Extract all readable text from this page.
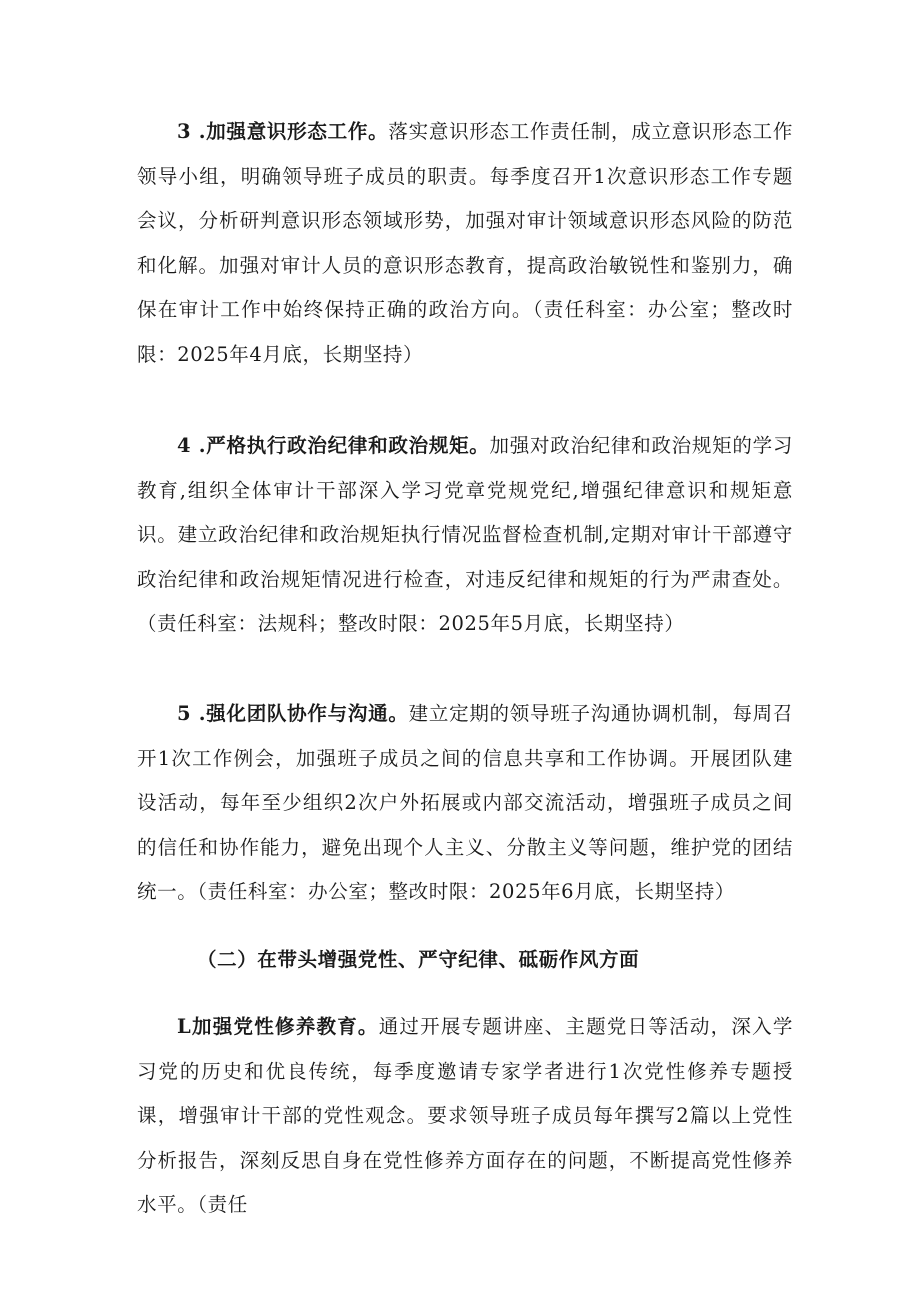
3 .加强意识形态工作。落实意识形态工作责任制，成立意识形态工作领导小组，明确领导班子成员的职责。每季度召开1次意识形态工作专题会议，分析研判意识形态领域形势，加强对审计领域意识形态风险的防范和化解。加强对审计人员的意识形态教育，提高政治敏锐性和鉴别力，确保在审计工作中始终保持正确的政治方向。（责任科室：办公室；整改时限：2025年4月底，长期坚持）

4 .严格执行政治纪律和政治规矩。加强对政治纪律和政治规矩的学习教育,组织全体审计干部深入学习党章党规党纪,增强纪律意识和规矩意识。建立政治纪律和政治规矩执行情况监督检查机制,定期对审计干部遵守政治纪律和政治规矩情况进行检查，对违反纪律和规矩的行为严肃查处。（责任科室：法规科；整改时限：2025年5月底，长期坚持）

5 .强化团队协作与沟通。建立定期的领导班子沟通协调机制，每周召开1次工作例会，加强班子成员之间的信息共享和工作协调。开展团队建设活动，每年至少组织2次户外拓展或内部交流活动，增强班子成员之间的信任和协作能力，避免出现个人主义、分散主义等问题，维护党的团结统一。（责任科室：办公室；整改时限：2025年6月底，长期坚持）

（二）在带头增强党性、严守纪律、砥砺作风方面

L加强党性修养教育。通过开展专题讲座、主题党日等活动，深入学习党的历史和优良传统，每季度邀请专家学者进行1次党性修养专题授课，增强审计干部的党性观念。要求领导班子成员每年撰写2篇以上党性分析报告，深刻反思自身在党性修养方面存在的问题，不断提高党性修养水平。（责任
